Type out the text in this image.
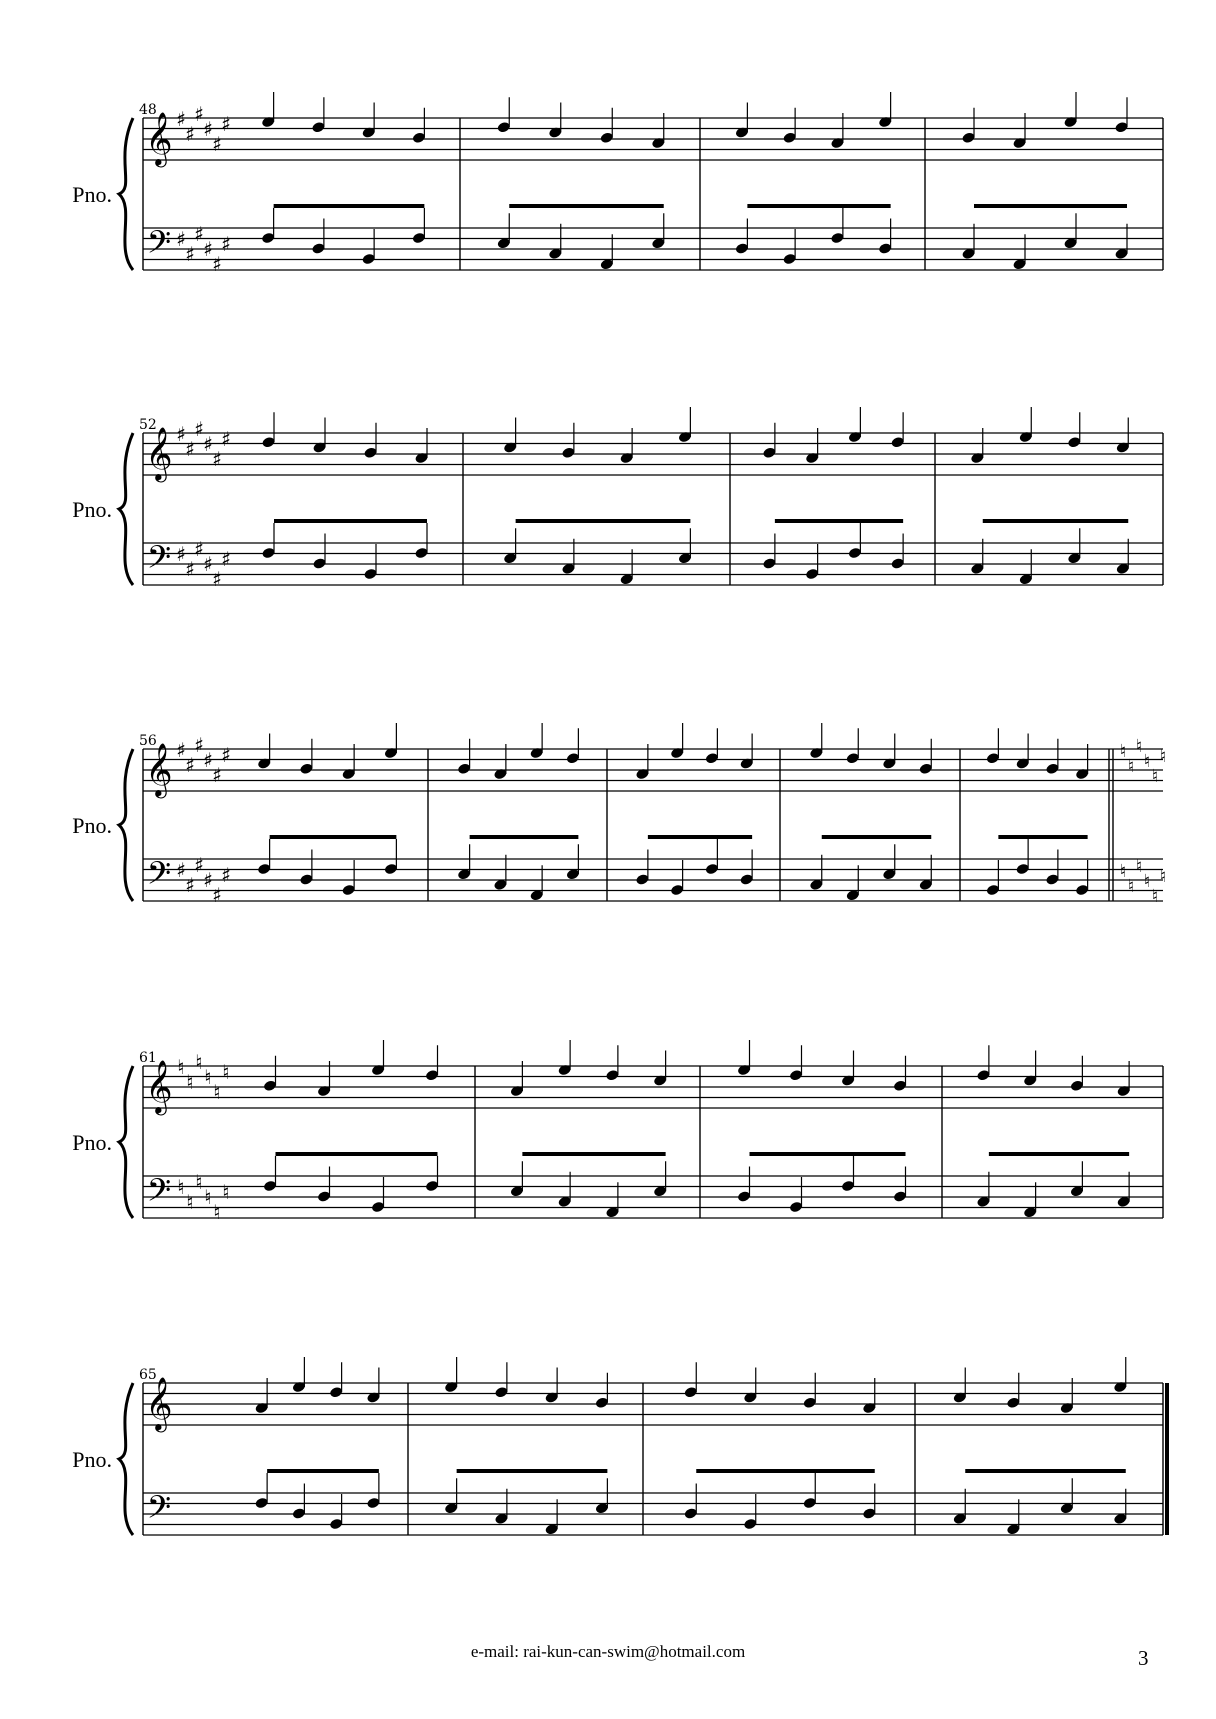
Pno.
48
𝄞
𝄢
♯
♯
♯
♯
♯
♯
♯
♯
♯
♯
♯
♯
Pno.
52
𝄞
𝄢
♯
♯
♯
♯
♯
♯
♯
♯
♯
♯
♯
♯
Pno.
56
𝄞
𝄢
♯
♯
♯
♯
♯
♯
♯
♯
♯
♯
♯
♯
♮
♮
♮
♮
♮
♮
♮
♮
♮
♮
♮
♮
Pno.
61
𝄞
𝄢
♮
♮
♮
♮
♮
♮
♮
♮
♮
♮
♮
♮
Pno.
65
𝄞
𝄢
e-mail: rai-kun-can-swim@hotmail.com	3
